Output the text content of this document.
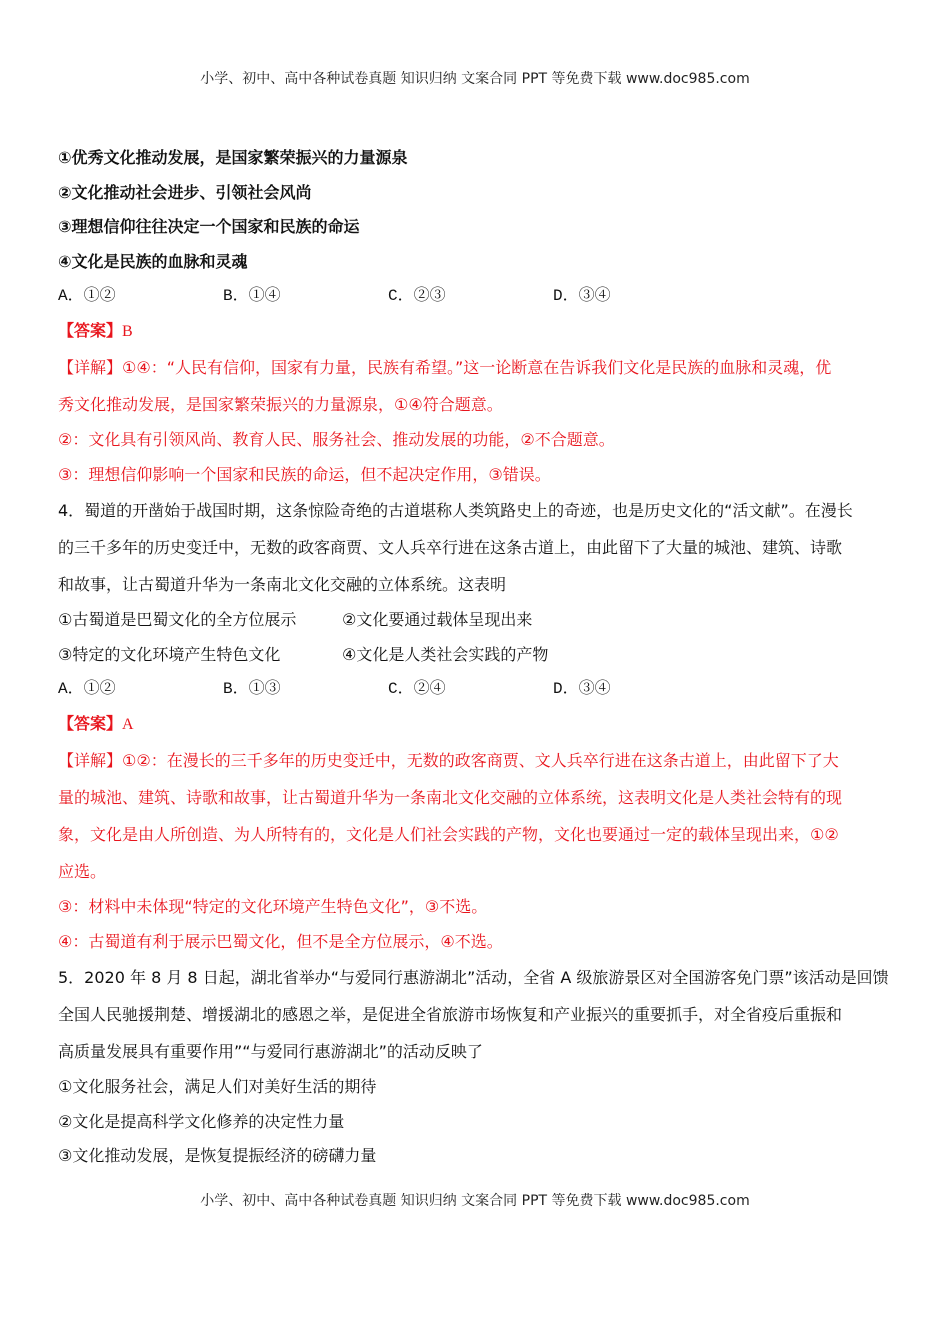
小学、初中、高中各种试卷真题 知识归纳 文案合同 PPT 等免费下载 www.doc985.com
①优秀文化推动发展，是国家繁荣振兴的力量源泉
②文化推动社会进步、引领社会风尚
③理想信仰往往决定一个国家和民族的命运
④文化是民族的血脉和灵魂
A．①②	B．①④	C．②③	D．③④
【答案】B
【详解】①④：“人民有信仰，国家有力量，民族有希望。”这一论断意在告诉我们文化是民族的血脉和灵魂，优
秀文化推动发展，是国家繁荣振兴的力量源泉，①④符合题意。
②：文化具有引领风尚、教育人民、服务社会、推动发展的功能，②不合题意。
③：理想信仰影响一个国家和民族的命运，但不起决定作用，③错误。
4．蜀道的开凿始于战国时期，这条惊险奇绝的古道堪称人类筑路史上的奇迹，也是历史文化的“活文献”。在漫长
的三千多年的历史变迁中，无数的政客商贾、文人兵卒行进在这条古道上，由此留下了大量的城池、建筑、诗歌
和故事，让古蜀道升华为一条南北文化交融的立体系统。这表明
①古蜀道是巴蜀文化的全方位展示	②文化要通过载体呈现出来
③特定的文化环境产生特色文化	④文化是人类社会实践的产物
A．①②	B．①③	C．②④	D．③④
【答案】A
【详解】①②：在漫长的三千多年的历史变迁中，无数的政客商贾、文人兵卒行进在这条古道上，由此留下了大
量的城池、建筑、诗歌和故事，让古蜀道升华为一条南北文化交融的立体系统，这表明文化是人类社会特有的现
象，文化是由人所创造、为人所特有的，文化是人们社会实践的产物，文化也要通过一定的载体呈现出来，①②
应选。
③：材料中未体现“特定的文化环境产生特色文化”，③不选。
④：古蜀道有利于展示巴蜀文化，但不是全方位展示，④不选。
5．2020 年 8 月 8 日起，湖北省举办“与爱同行惠游湖北”活动，全省 A 级旅游景区对全国游客免门票”该活动是回馈
全国人民驰援荆楚、增援湖北的感恩之举，是促进全省旅游市场恢复和产业振兴的重要抓手，对全省疫后重振和
高质量发展具有重要作用”“与爱同行惠游湖北”的活动反映了
①文化服务社会，满足人们对美好生活的期待
②文化是提高科学文化修养的决定性力量
③文化推动发展，是恢复提振经济的磅礴力量
小学、初中、高中各种试卷真题 知识归纳 文案合同 PPT 等免费下载 www.doc985.com
